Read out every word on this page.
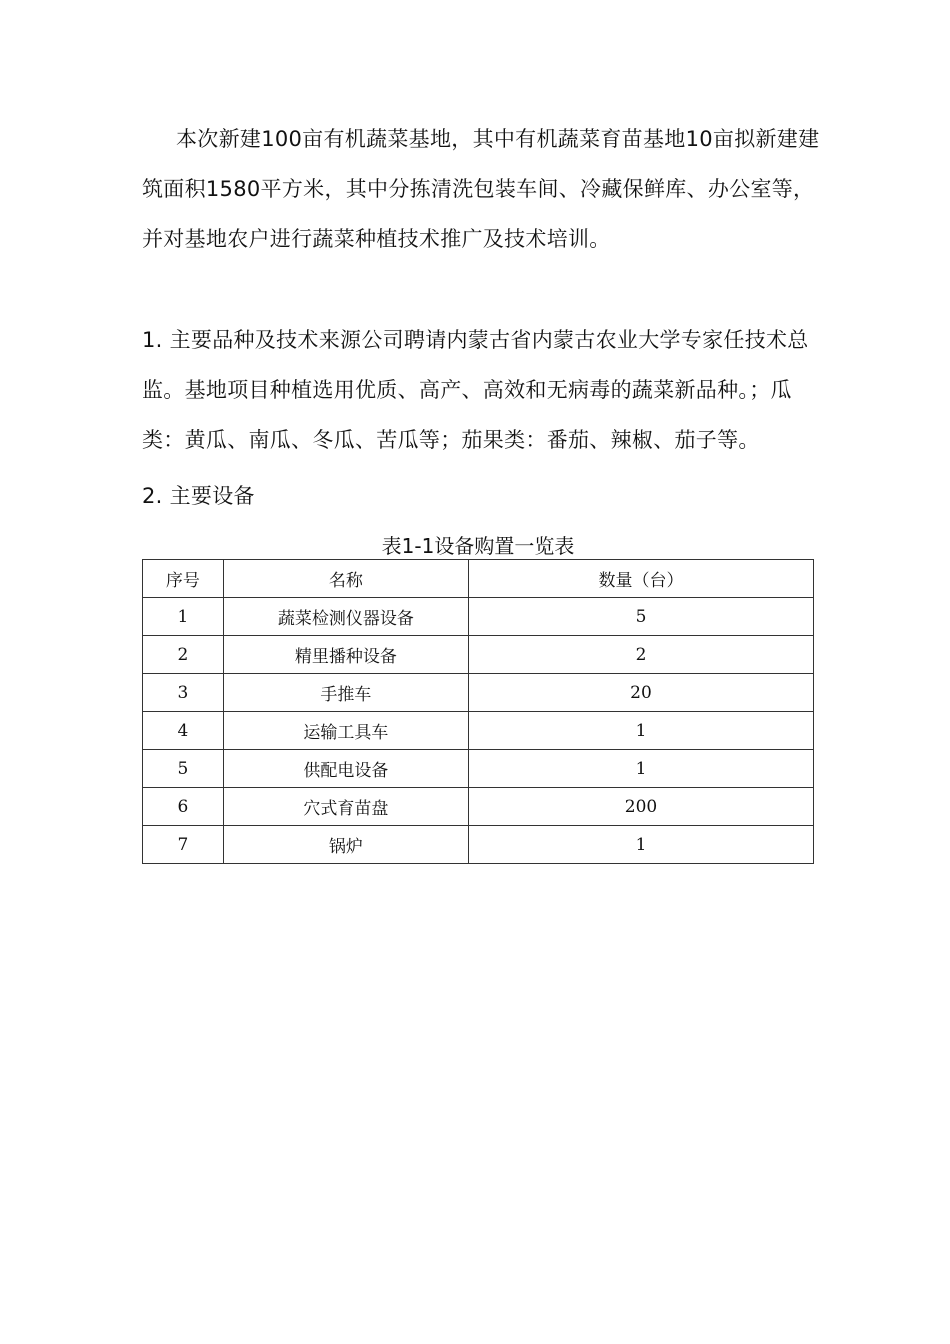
本次新建100亩有机蔬菜基地，其中有机蔬菜育苗基地10亩拟新建建筑面积1580平方米，其中分拣清洗包装车间、冷藏保鲜库、办公室等，并对基地农户进行蔬菜种植技术推广及技术培训。

1. 主要品种及技术来源公司聘请内蒙古省内蒙古农业大学专家任技术总监。基地项目种植选用优质、高产、高效和无病毒的蔬菜新品种。；瓜类：黄瓜、南瓜、冬瓜、苦瓜等；茄果类：番茄、辣椒、茄子等。

2. 主要设备

表1-1设备购置一览表
序号	名称	数量（台）
1	蔬菜检测仪器设备	5
2	精里播种设备	2
3	手推车	20
4	运输工具车	1
5	供配电设备	1
6	穴式育苗盘	200
7	锅炉	1
